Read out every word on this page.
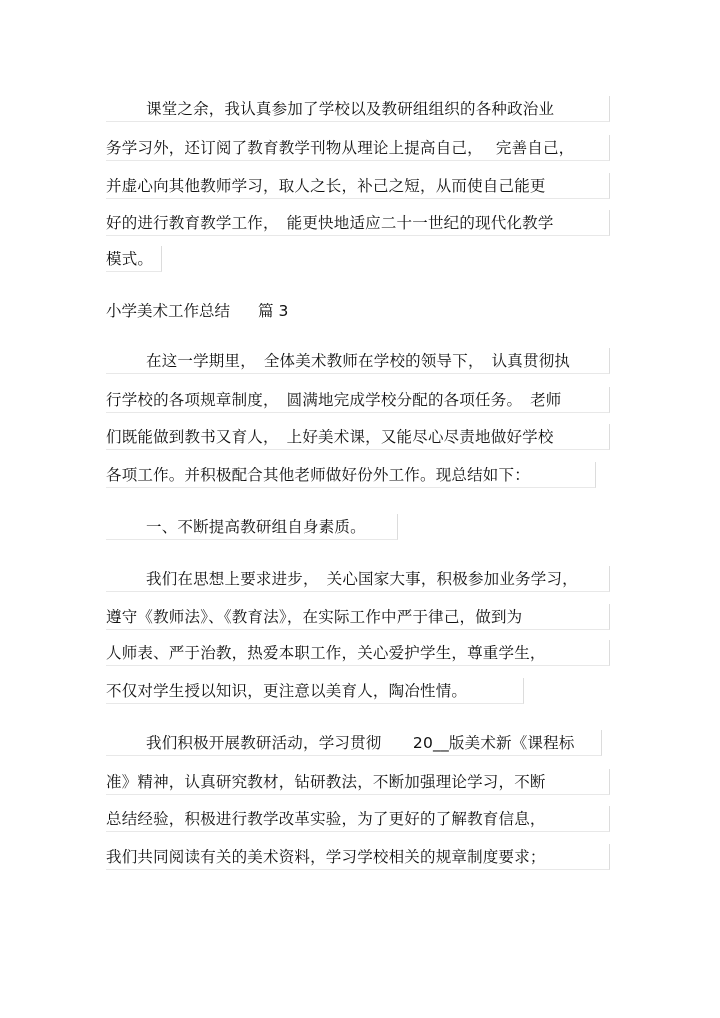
课堂之余，我认真参加了学校以及教研组组织的各种政治业
务学习外，还订阅了教育教学刊物从理论上提高自己，　 完善自己，
并虚心向其他教师学习，取人之长，补己之短，从而使自己能更
好的进行教育教学工作，　能更快地适应二十一世纪的现代化教学
模式。
小学美术工作总结 篇 3
在这一学期里，　全体美术教师在学校的领导下，　认真贯彻执
行学校的各项规章制度，　圆满地完成学校分配的各项任务。　老师
们既能做到教书又育人，　上好美术课，又能尽心尽责地做好学校
各项工作。并积极配合其他老师做好份外工作。现总结如下：
一、不断提高教研组自身素质。
我们在思想上要求进步，　关心国家大事，积极参加业务学习，
遵守《教师法》、《教育法》，在实际工作中严于律己，做到为
人师表、严于治教，热爱本职工作，关心爱护学生，尊重学生，
不仅对学生授以知识，更注意以美育人，陶冶性情。
我们积极开展教研活动，学习贯彻　　20__版美术新《课程标
准》精神，认真研究教材，钻研教法，不断加强理论学习，不断
总结经验，积极进行教学改革实验，为了更好的了解教育信息，
我们共同阅读有关的美术资料，学习学校相关的规章制度要求；
